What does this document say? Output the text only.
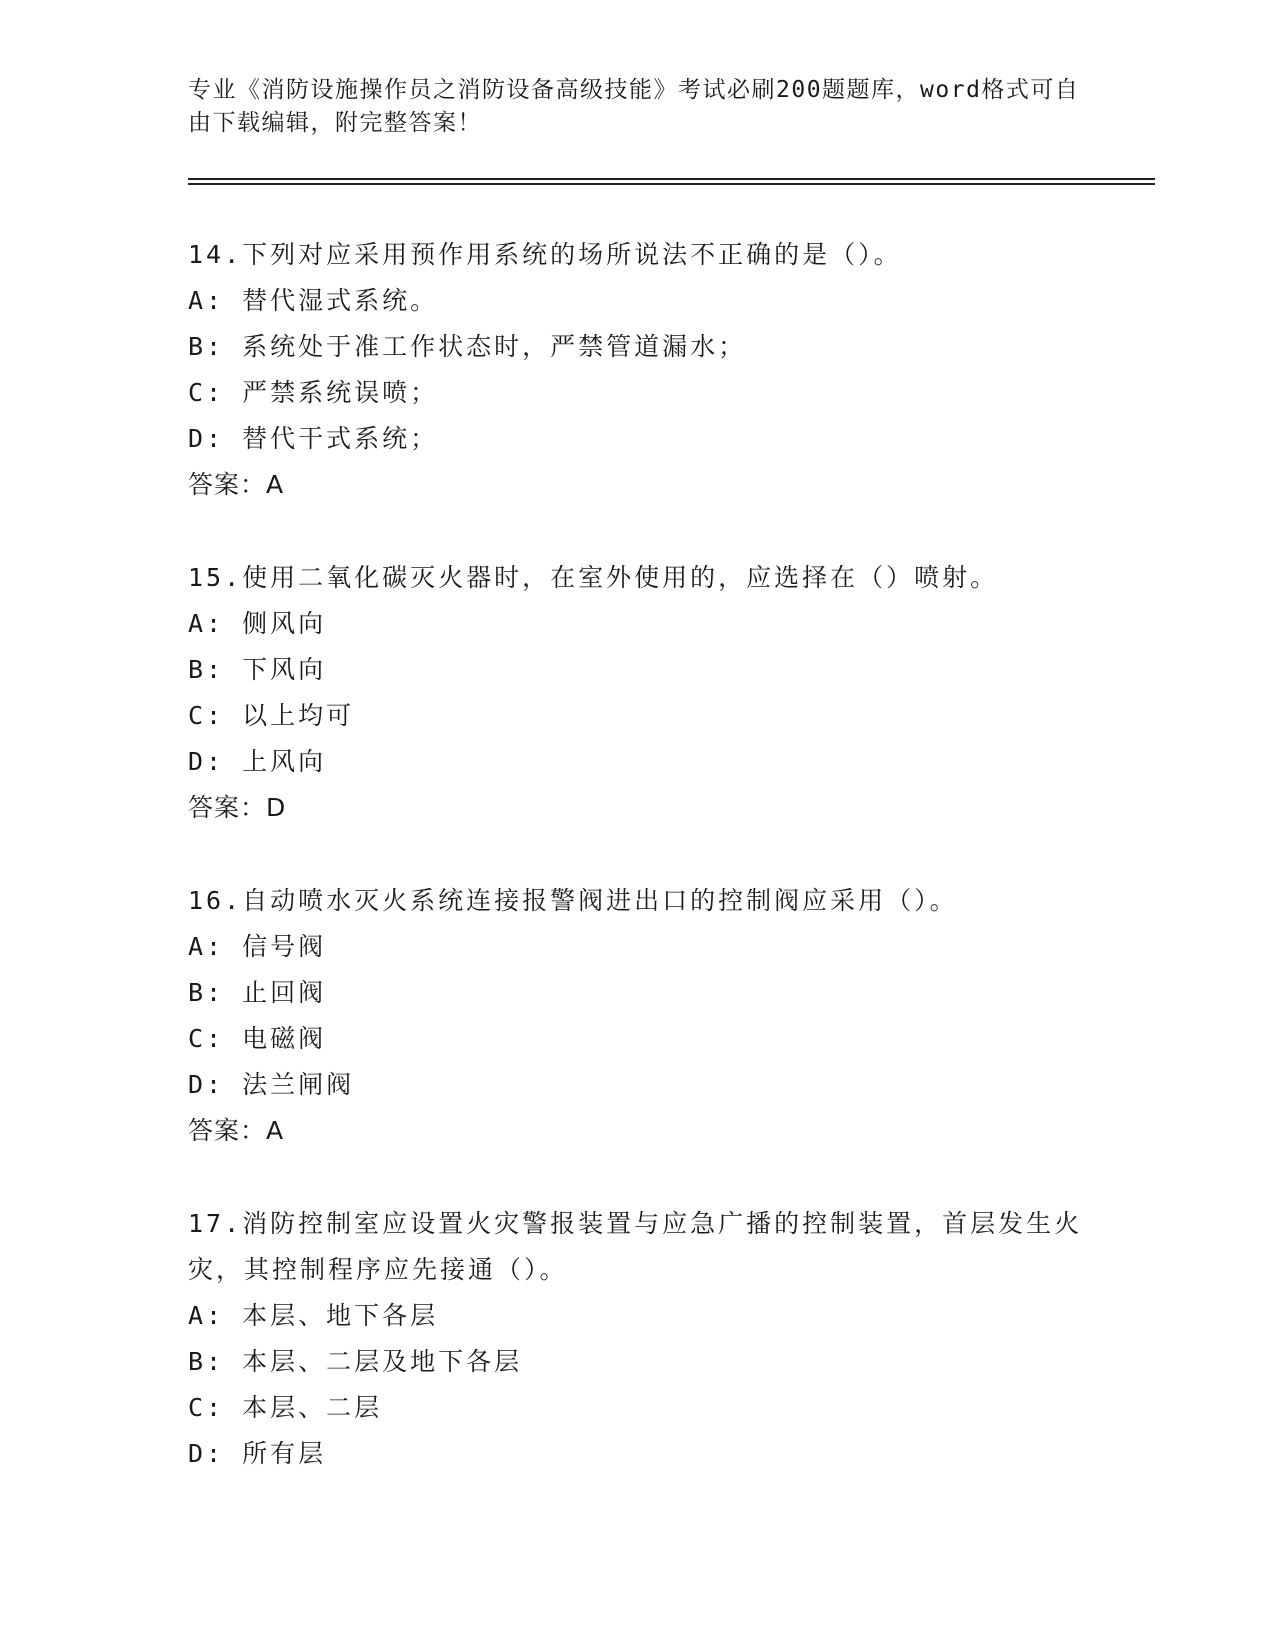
专业《消防设施操作员之消防设备高级技能》考试必刷200题题库，word格式可自由下载编辑，附完整答案！
14.下列对应采用预作用系统的场所说法不正确的是（）。
A: 替代湿式系统。
B: 系统处于准工作状态时，严禁管道漏水；
C: 严禁系统误喷；
D: 替代干式系统；
答案：A
15.使用二氧化碳灭火器时，在室外使用的，应选择在（）喷射。
A: 侧风向
B: 下风向
C: 以上均可
D: 上风向
答案：D
16.自动喷水灭火系统连接报警阀进出口的控制阀应采用（）。
A: 信号阀
B: 止回阀
C: 电磁阀
D: 法兰闸阀
答案：A
17.消防控制室应设置火灾警报装置与应急广播的控制装置，首层发生火灾，其控制程序应先接通（）。
A: 本层、地下各层
B: 本层、二层及地下各层
C: 本层、二层
D: 所有层
